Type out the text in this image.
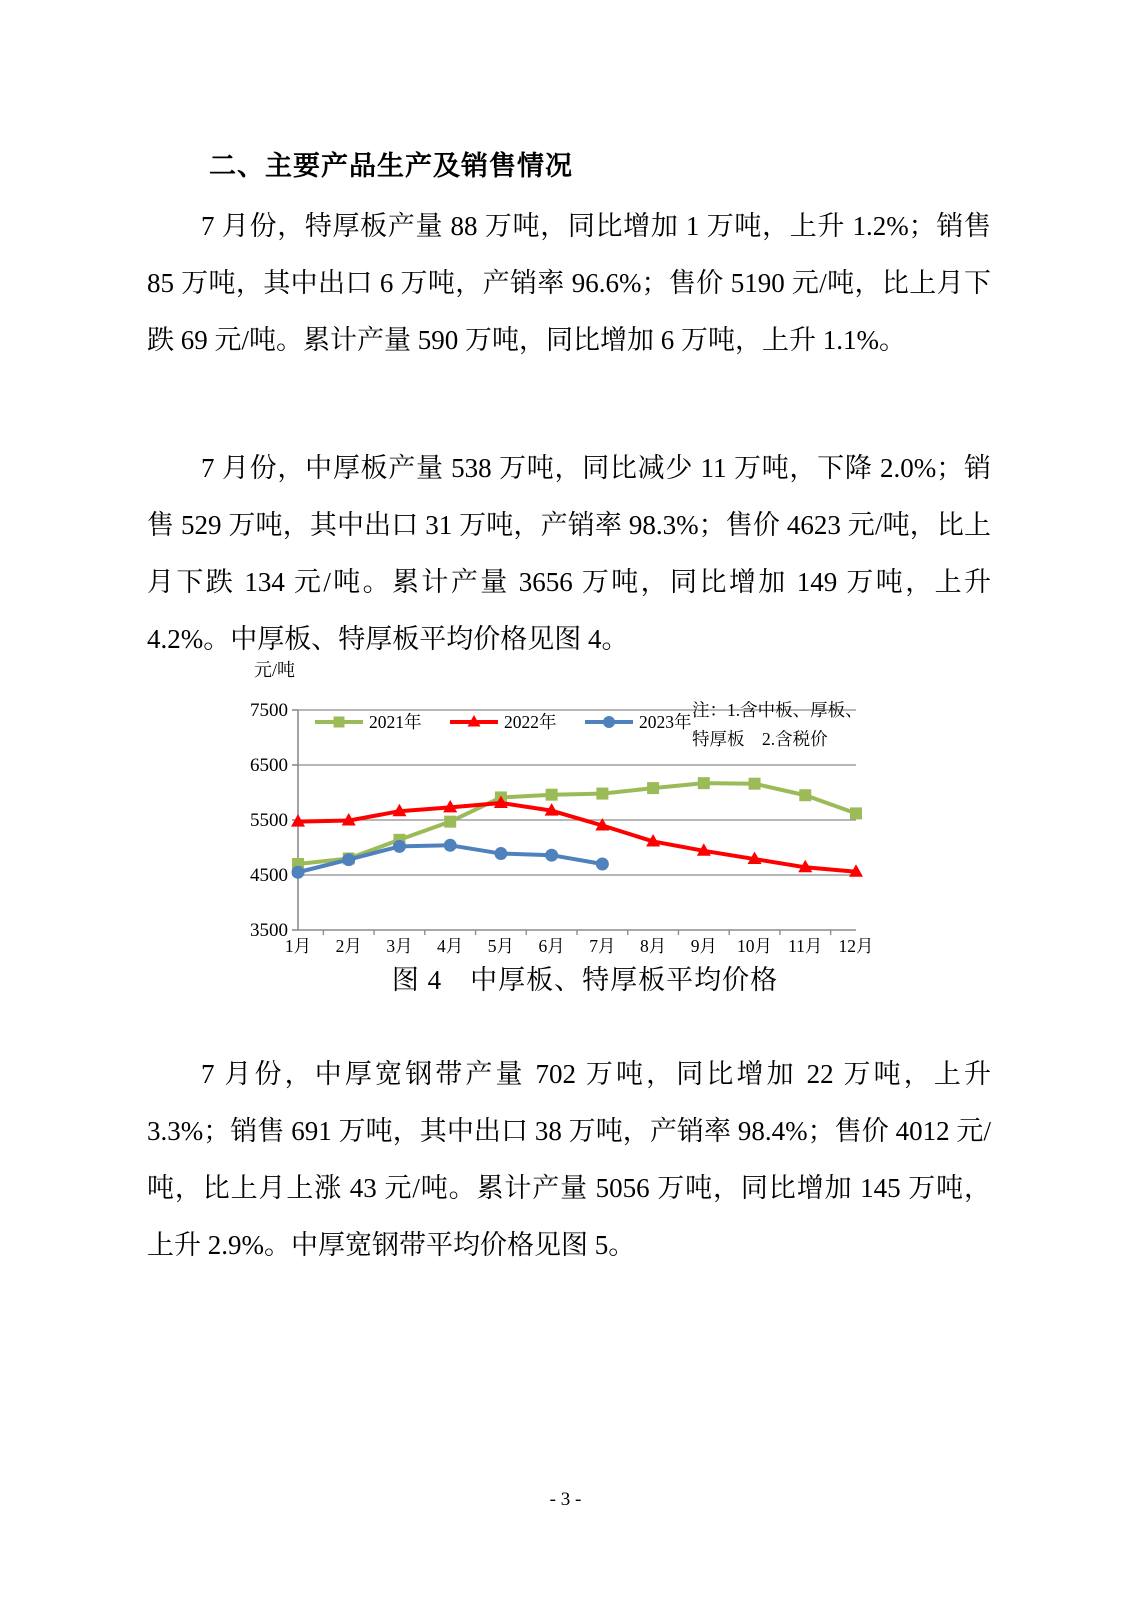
二、主要产品生产及销售情况

7 月份，特厚板产量 88 万吨，同比增加 1 万吨，上升 1.2%；销售 85 万吨，其中出口 6 万吨，产销率 96.6%；售价 5190 元/吨，比上月下跌 69 元/吨。累计产量 590 万吨，同比增加 6 万吨，上升 1.1%。

7 月份，中厚板产量 538 万吨，同比减少 11 万吨，下降 2.0%；销售 529 万吨，其中出口 31 万吨，产销率 98.3%；售价 4623 元/吨，比上月下跌 134 元/吨。累计产量 3656 万吨，同比增加 149 万吨，上升 4.2%。中厚板、特厚板平均价格见图 4。

3500
4500
5500
6500
7500
1月 2月 3月 4月 5月 6月 7月 8月 9月 10月 11月 12月
元/吨
注：1.含中板、厚板、
特厚板　2.含税价
2021年	2022年	2023年
图 4　中厚板、特厚板平均价格

7 月份，中厚宽钢带产量 702 万吨，同比增加 22 万吨，上升 3.3%；销售 691 万吨，其中出口 38 万吨，产销率 98.4%；售价 4012 元/吨，比上月上涨 43 元/吨。累计产量 5056 万吨，同比增加 145 万吨，上升 2.9%。中厚宽钢带平均价格见图 5。

- 3 -
